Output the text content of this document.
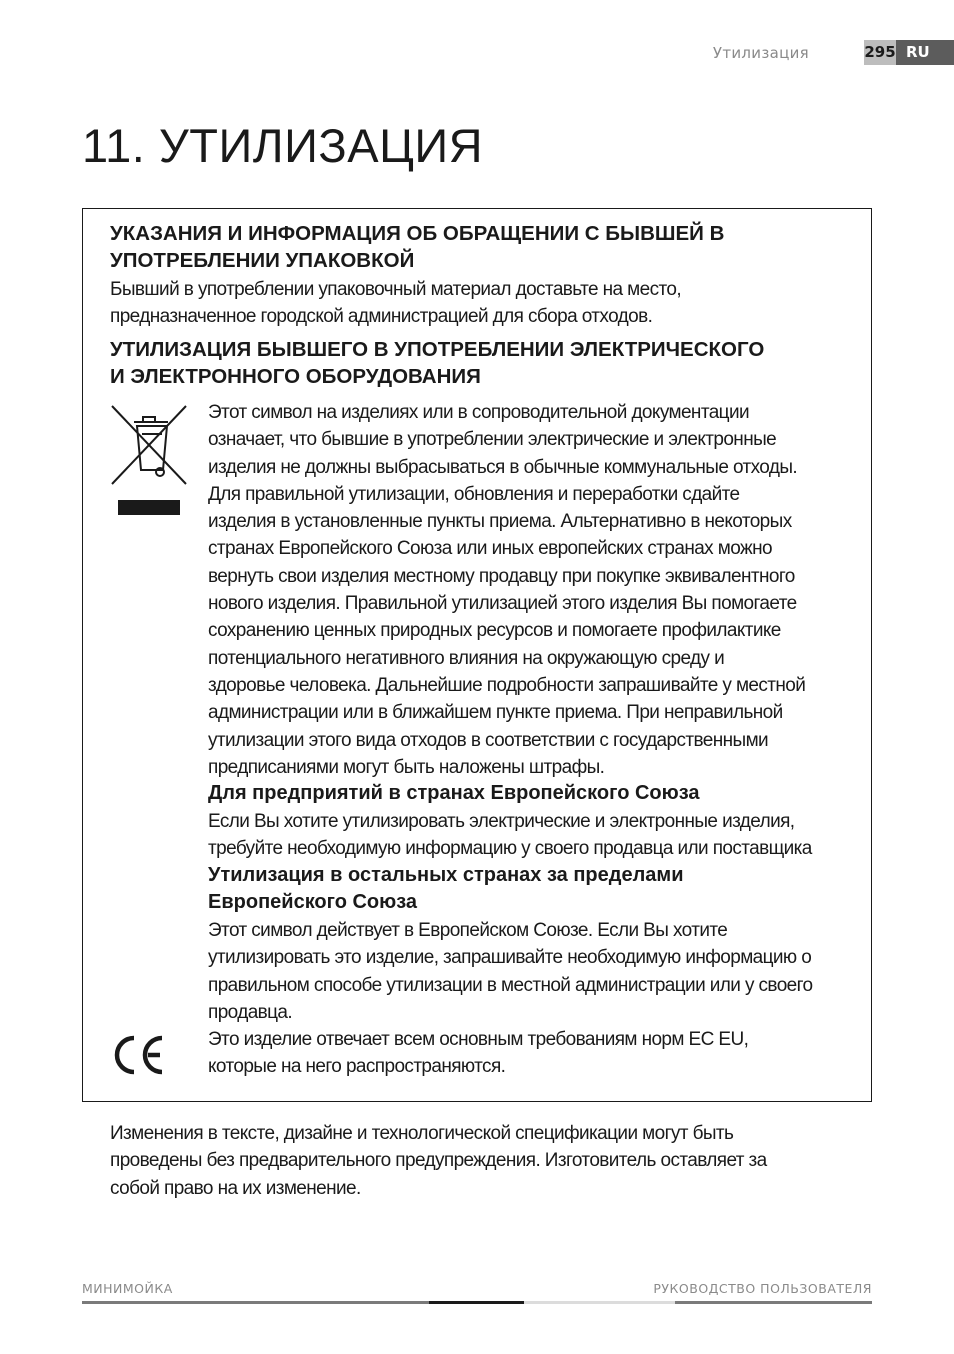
Утилизация	295 RU
11. УТИЛИЗАЦИЯ
УКАЗАНИЯ И ИНФОРМАЦИЯ ОБ ОБРАЩЕНИИ С БЫВШЕЙ В
УПОТРЕБЛЕНИИ УПАКОВКОЙ

Бывший в употреблении упаковочный материал доставьте на место,
предназначенное городской администрацией для сбора отходов.

УТИЛИЗАЦИЯ БЫВШЕГО В УПОТРЕБЛЕНИИ ЭЛЕКТРИЧЕСКОГО
И ЭЛЕКТРОННОГО ОБОРУДОВАНИЯ

Этот символ на изделиях или в сопроводительной документации
означает, что бывшие в употреблении электрические и электронные
изделия не должны выбрасываться в обычные коммунальные отходы.
Для правильной утилизации, обновления и переработки сдайте
изделия в установленные пункты приема. Альтернативно в некоторых
странах Европейского Союза или иных европейских странах можно
вернуть свои изделия местному продавцу при покупке эквивалентного
нового изделия. Правильной утилизацией этого изделия Вы помогаете
сохранению ценных природных ресурсов и помогаете профилактике
потенциального негативного влияния на окружающую среду и
здоровье человека. Дальнейшие подробности запрашивайте у местной
администрации или в ближайшем пункте приема. При неправильной
утилизации этого вида отходов в соответствии с государственными
предписаниями могут быть наложены штрафы.

Для предприятий в странах Европейского Союза

Если Вы хотите утилизировать электрические и электронные изделия,
требуйте необходимую информацию у своего продавца или поставщика

Утилизация в остальных странах за пределами
Европейского Союза

Этот символ действует в Европейском Союзе. Если Вы хотите
утилизировать это изделие, запрашивайте необходимую информацию о
правильном способе утилизации в местной администрации или у своего
продавца.

Это изделие отвечает всем основным требованиям норм ЕС EU,
которые на него распространяются.

Изменения в тексте, дизайне и технологической спецификации могут быть
проведены без предварительного предупреждения. Изготовитель оставляет за
собой право на их изменение.

МИНИМОЙКА	РУКОВОДСТВО ПОЛЬЗОВАТЕЛЯ
